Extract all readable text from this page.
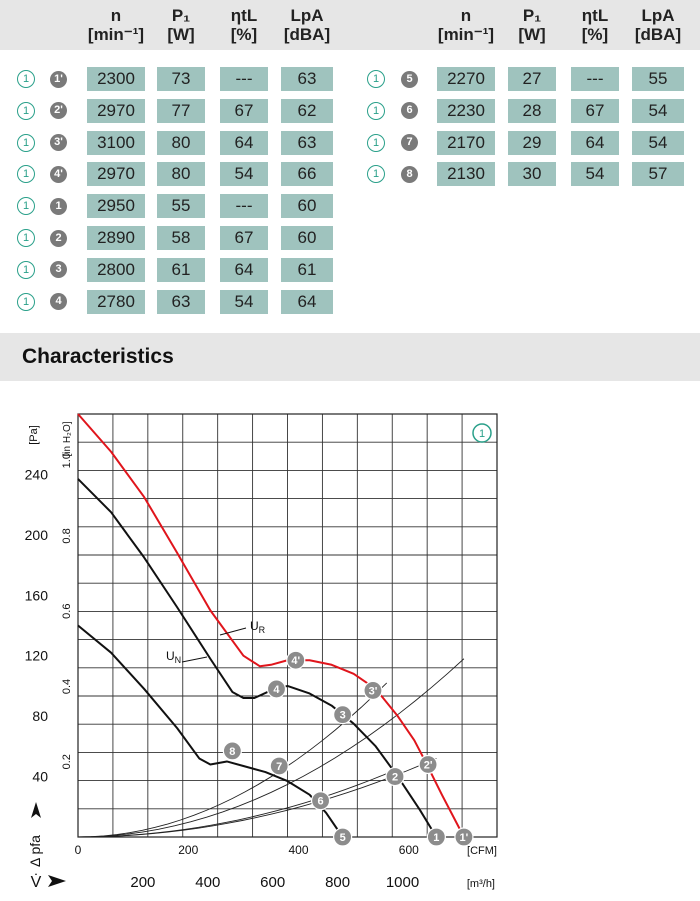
n
[min⁻¹]
P₁
[W]
ηtL
[%]
LpA
[dBA]
n
[min⁻¹]
P₁
[W]
ηtL
[%]
LpA
[dBA]
1	1'	2300	73	---	63
1	2'	2970	77	67	62
1	3'	3100	80	64	63
1	4'	2970	80	54	66
1	1	2950	55	---	60
1	2	2890	58	67	60
1	3	2800	61	64	61
1	4	2780	63	54	64
1	5	2270	27	---	55
1	6	2230	28	67	54
1	7	2170	29	64	54
1	8	2130	30	54	57
Characteristics
$U_R$
$U_N$
1'
2'
3'
4'
1
2
3
4
5
6
7
8
1
40
80
120
160
200
240
[Pa]
0.2
0.4
0.6
0.8
1.0
[in H₂O]
Δ pfa	0	200	400	600	[CFM]
200	400	600	800 1000	[m³/h]
V̇
